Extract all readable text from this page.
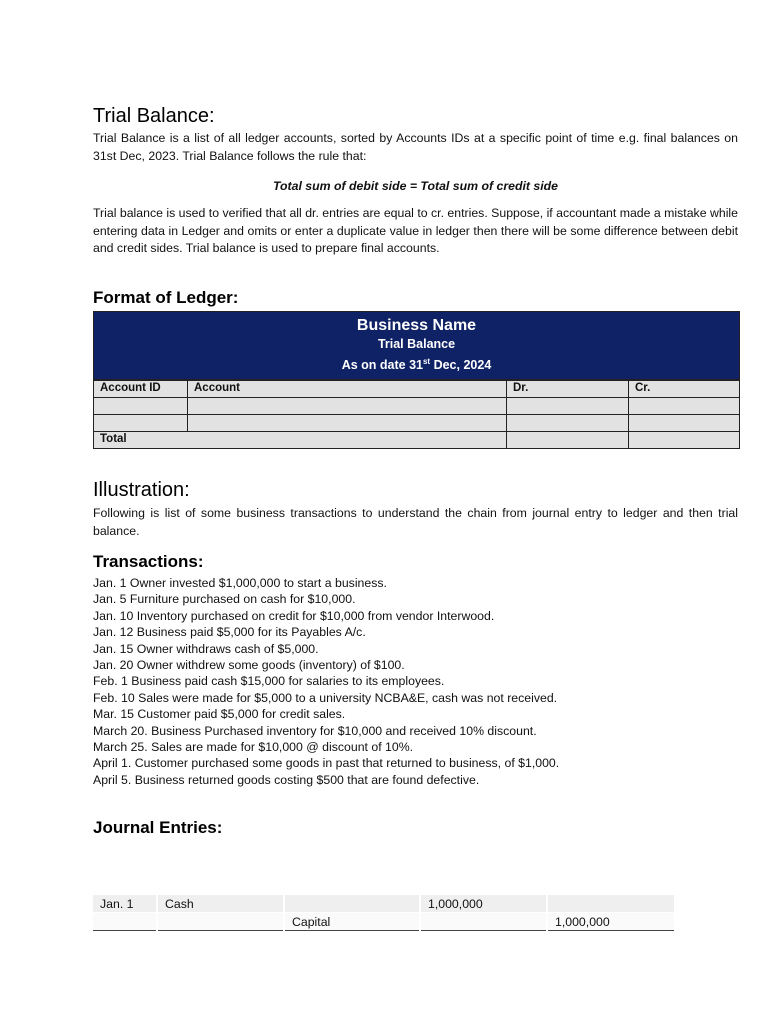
Trial Balance:

Trial Balance is a list of all ledger accounts, sorted by Accounts IDs at a specific point of time e.g. final balances on 31st Dec, 2023. Trial Balance follows the rule that:

Total sum of debit side = Total sum of credit side

Trial balance is used to verified that all dr. entries are equal to cr. entries. Suppose, if accountant made a mistake while entering data in Ledger and omits or enter a duplicate value in ledger then there will be some difference between debit and credit sides. Trial balance is used to prepare final accounts.

Format of Ledger:
Business Name
Trial Balance
As on date 31st Dec, 2024
Account ID	Account	Dr.	Cr.
Total
Illustration:

Following is list of some business transactions to understand the chain from journal entry to ledger and then trial balance.

Transactions:
Jan. 1 Owner invested $1,000,000 to start a business.
Jan. 5 Furniture purchased on cash for $10,000.
Jan. 10 Inventory purchased on credit for $10,000 from vendor Interwood.
Jan. 12 Business paid $5,000 for its Payables A/c.
Jan. 15 Owner withdraws cash of $5,000.
Jan. 20 Owner withdrew some goods (inventory) of $100.
Feb. 1 Business paid cash $15,000 for salaries to its employees.
Feb. 10 Sales were made for $5,000 to a university NCBA&E, cash was not received.
Mar. 15 Customer paid $5,000 for credit sales.
March 20. Business Purchased inventory for $10,000 and received 10% discount.
March 25. Sales are made for $10,000 @ discount of 10%.
April 1. Customer purchased some goods in past that returned to business, of $1,000.
April 5. Business returned goods costing $500 that are found defective.
Journal Entries:
Jan. 1	Cash		1,000,000	
		Capital		1,000,000
